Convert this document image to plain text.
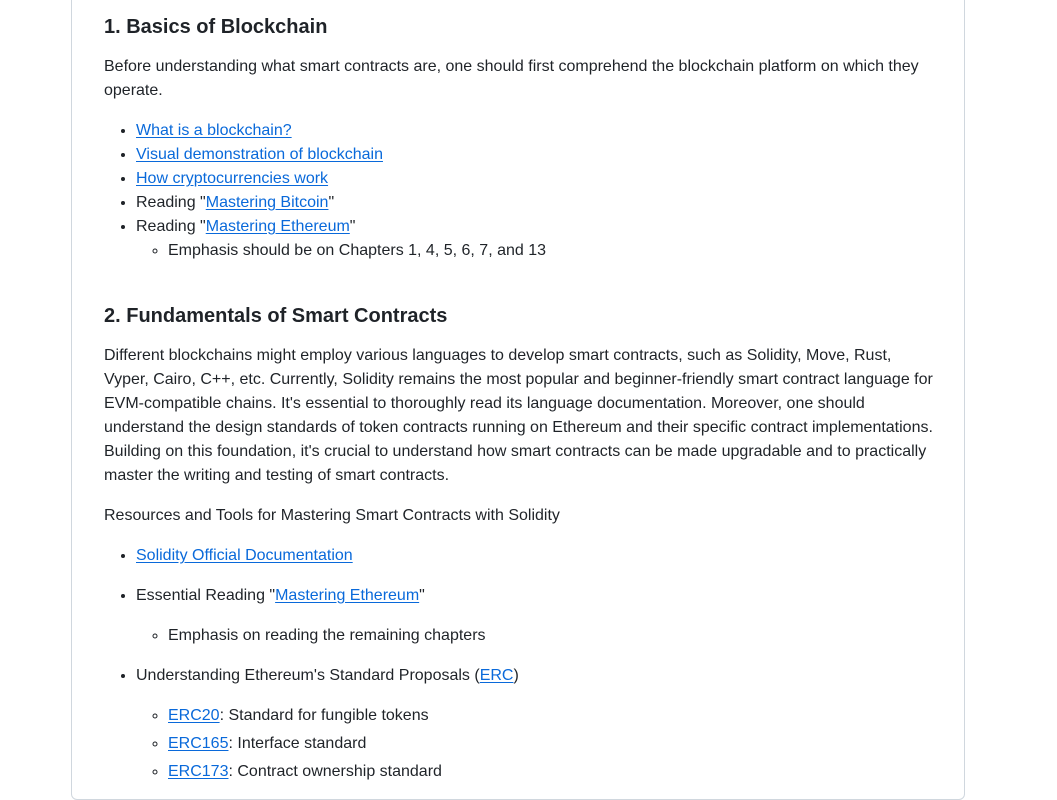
1. Basics of Blockchain

Before understanding what smart contracts are, one should first comprehend the blockchain platform on which they operate.

• What is a blockchain?
• Visual demonstration of blockchain
• How cryptocurrencies work
• Reading "Mastering Bitcoin"
• Reading "Mastering Ethereum"
◦ Emphasis should be on Chapters 1, 4, 5, 6, 7, and 13
2. Fundamentals of Smart Contracts

Different blockchains might employ various languages to develop smart contracts, such as Solidity, Move, Rust, Vyper, Cairo, C++, etc. Currently, Solidity remains the most popular and beginner-friendly smart contract language for EVM-compatible chains. It's essential to thoroughly read its language documentation. Moreover, one should understand the design standards of token contracts running on Ethereum and their specific contract implementations. Building on this foundation, it's crucial to understand how smart contracts can be made upgradable and to practically master the writing and testing of smart contracts.

Resources and Tools for Mastering Smart Contracts with Solidity

• Solidity Official Documentation
• Essential Reading "Mastering Ethereum"
◦ Emphasis on reading the remaining chapters
• Understanding Ethereum's Standard Proposals (ERC)
◦ ERC20: Standard for fungible tokens
◦ ERC165: Interface standard
◦ ERC173: Contract ownership standard
